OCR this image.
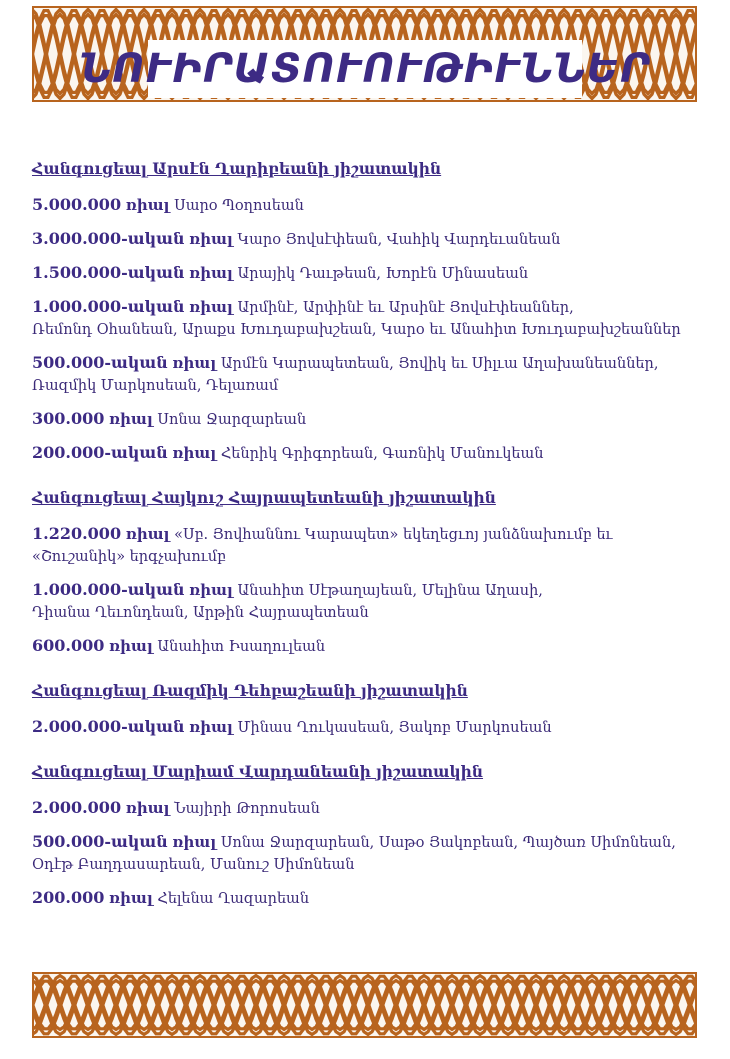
ՆՈՒԻՐԱՏՈՒՈՒԹԻՒՆՆԵՐ
Հանգուցեալ Արսէն Ղարիբեանի յիշատակին
5.000.000 ռիալ Սարօ Պօղոսեան
3.000.000-ական ռիալ Կարօ Յովսէփեան, Վահիկ Վարդեւանեան
1.500.000-ական ռիալ Արայիկ Դաւթեան, Խորէն Մինասեան
1.000.000-ական ռիալ Արմինէ, Արփինէ եւ Արսինէ Յովսէփեաններ,
Ռեմոնդ Օհանեան, Արաքս Խուդաբախշեան, Կարօ եւ Անահիտ Խուդաբախշեաններ
500.000-ական ռիալ Արմէն Կարապետեան, Յովիկ եւ Սիլւա Աղախանեաններ,
Ռազմիկ Մարկոսեան, Դելառամ
300.000 ռիալ Սոնա Ջարզարեան
200.000-ական ռիալ Հենրիկ Գրիգորեան, Գառնիկ Մանուկեան
Հանգուցեալ Հայկուշ Հայրապետեանի յիշատակին
1.220.000 ռիալ «Սբ. Յովհաննու Կարապետ» եկեղեցւոյ յանձնախումբ եւ
«Շուշանիկ» երգչախումբ
1.000.000-ական ռիալ Անահիտ Սէթաղայեան, Մելինա Աղասի,
Դիանա Ղեւոնդեան, Արթին Հայրապետեան
600.000 ռիալ Անահիտ Իսաղուլեան
Հանգուցեալ Ռազմիկ Դեհբաշեանի յիշատակին
2.000.000-ական ռիալ Մինաս Ղուկասեան, Յակոբ Մարկոսեան
Հանգուցեալ Մարիամ Վարդանեանի յիշատակին
2.000.000 ռիալ Նայիրի Թորոսեան
500.000-ական ռիալ Սոնա Ջարզարեան, Սաթօ Յակոբեան, Պայծառ Սիմոնեան,
Օդէթ Բաղդասարեան, Մանուշ Սիմոնեան
200.000 ռիալ Հելենա Ղազարեան
